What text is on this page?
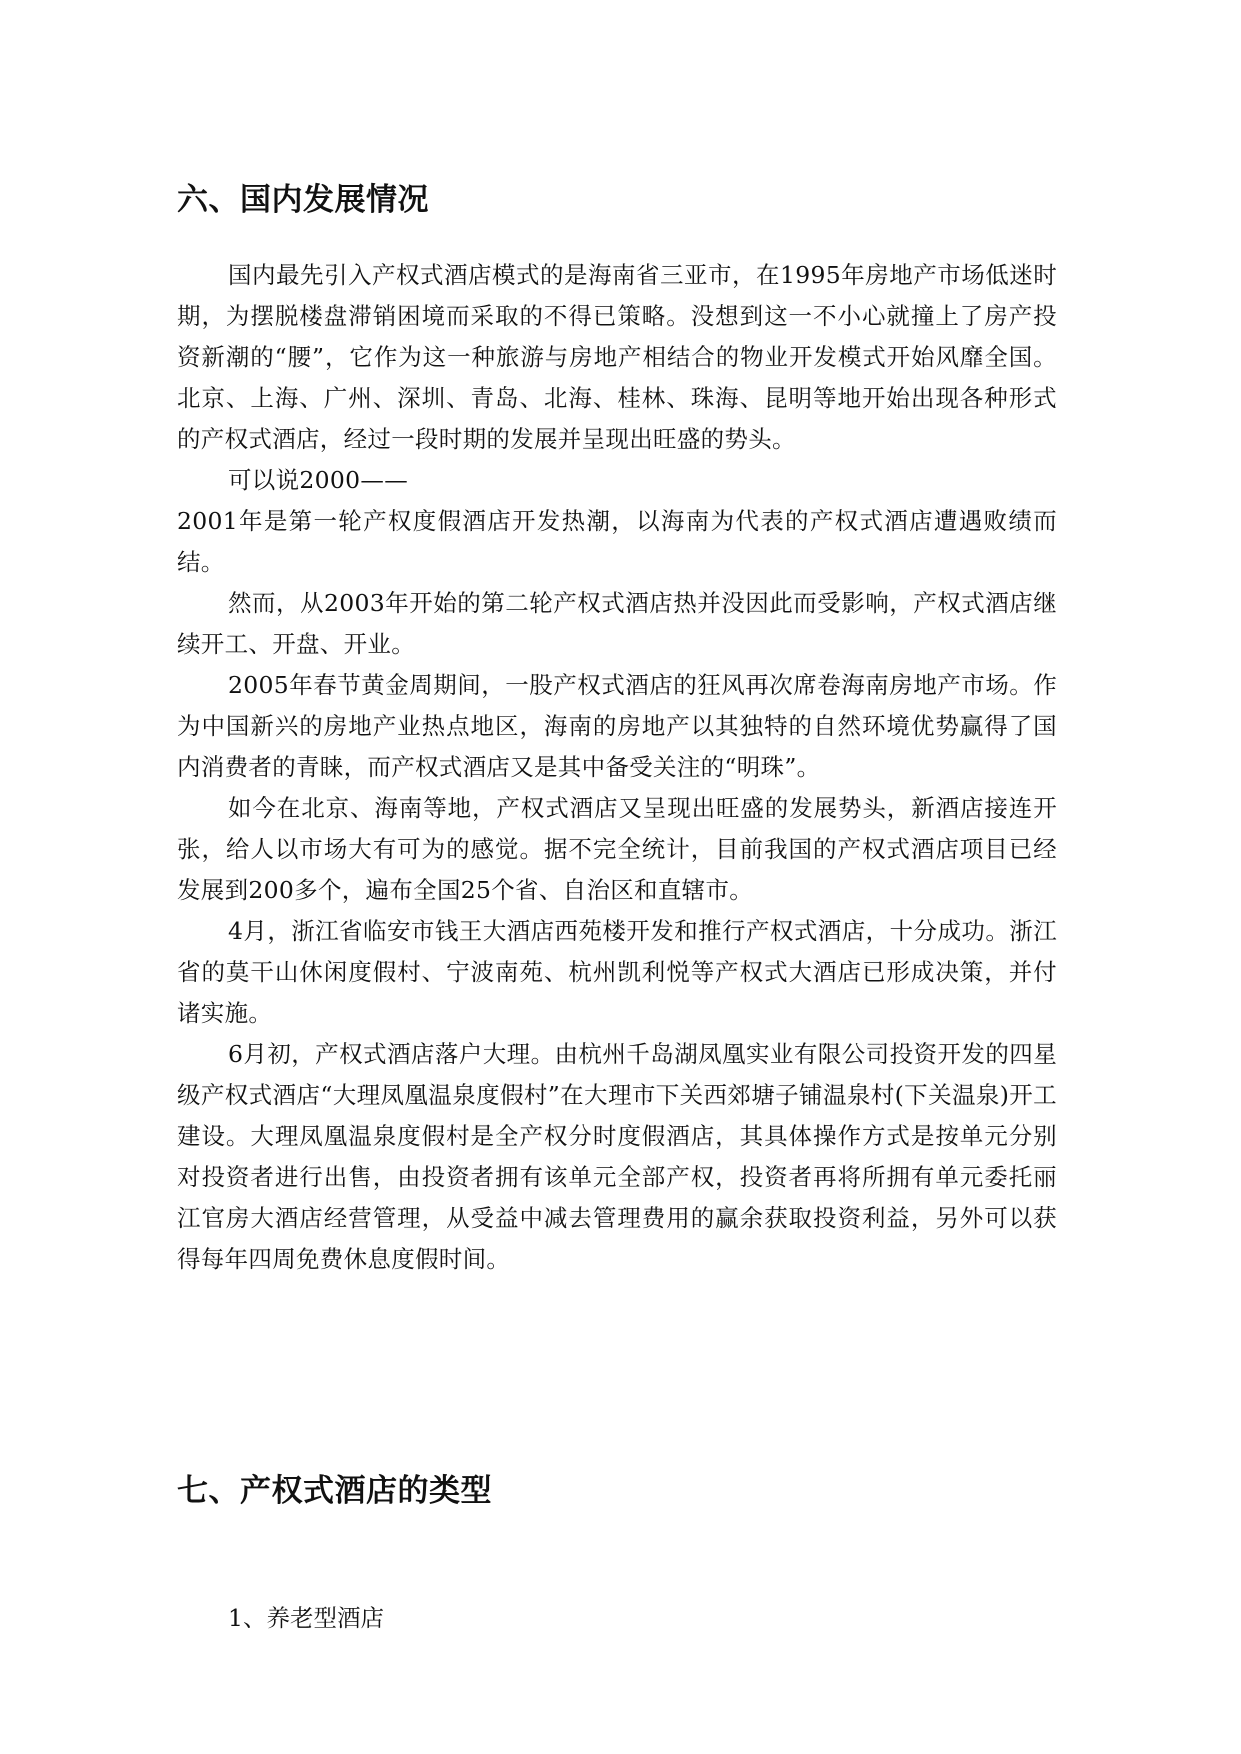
六、国内发展情况

国内最先引入产权式酒店模式的是海南省三亚市，在1995年房地产市场低迷时期，为摆脱楼盘滞销困境而采取的不得已策略。没想到这一不小心就撞上了房产投资新潮的“腰”，它作为这一种旅游与房地产相结合的物业开发模式开始风靡全国。北京、上海、广州、深圳、青岛、北海、桂林、珠海、昆明等地开始出现各种形式的产权式酒店，经过一段时期的发展并呈现出旺盛的势头。

可以说2000——

2001年是第一轮产权度假酒店开发热潮，以海南为代表的产权式酒店遭遇败绩而结。

然而，从2003年开始的第二轮产权式酒店热并没因此而受影响，产权式酒店继续开工、开盘、开业。

2005年春节黄金周期间，一股产权式酒店的狂风再次席卷海南房地产市场。作为中国新兴的房地产业热点地区，海南的房地产以其独特的自然环境优势赢得了国内消费者的青睐，而产权式酒店又是其中备受关注的“明珠”。

如今在北京、海南等地，产权式酒店又呈现出旺盛的发展势头，新酒店接连开张，给人以市场大有可为的感觉。据不完全统计，目前我国的产权式酒店项目已经发展到200多个，遍布全国25个省、自治区和直辖市。

4月，浙江省临安市钱王大酒店西苑楼开发和推行产权式酒店，十分成功。浙江省的莫干山休闲度假村、宁波南苑、杭州凯利悦等产权式大酒店已形成决策，并付诸实施。

6月初，产权式酒店落户大理。由杭州千岛湖凤凰实业有限公司投资开发的四星级产权式酒店“大理凤凰温泉度假村”在大理市下关西郊塘子铺温泉村(下关温泉)开工建设。大理凤凰温泉度假村是全产权分时度假酒店，其具体操作方式是按单元分别对投资者进行出售，由投资者拥有该单元全部产权，投资者再将所拥有单元委托丽江官房大酒店经营管理，从受益中减去管理费用的赢余获取投资利益，另外可以获得每年四周免费休息度假时间。

七、产权式酒店的类型
1、养老型酒店
